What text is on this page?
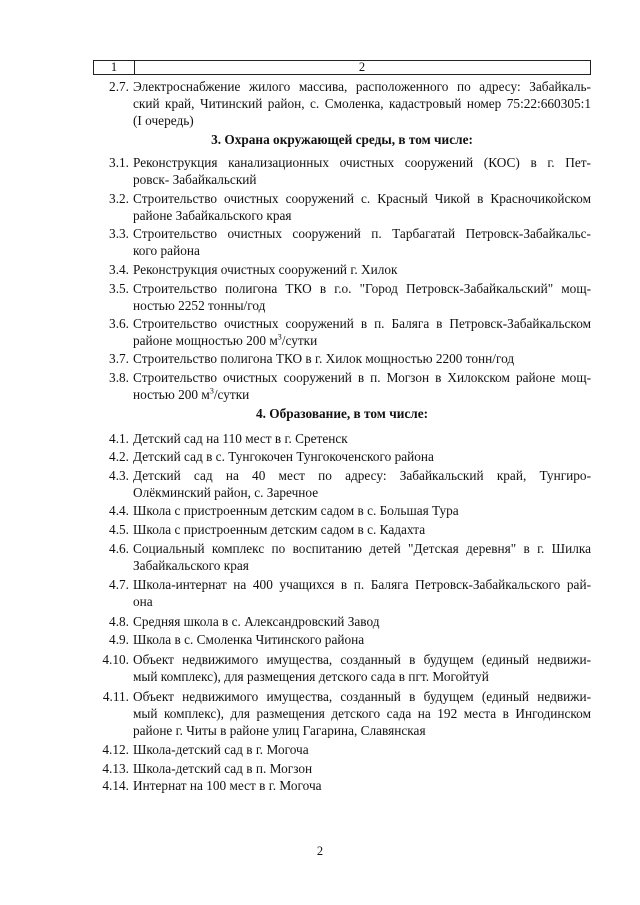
1	2
3. Охрана окружающей среды, в том числе:
4. Образование, в том числе:
2.7. Электроснабжение жилого массива, расположенного по адресу: Забайкаль-
ский край, Читинский район, с. Смоленка, кадастровый номер 75:22:660305:1
(I очередь)
3.1. Реконструкция канализационных очистных сооружений (КОС) в г. Пет-
ровск- Забайкальский
3.2. Строительство очистных сооружений с. Красный Чикой в Красночикойском
районе Забайкальского края
3.3. Строительство очистных сооружений п. Тарбагатай Петровск-Забайкальс-
кого района
3.4. Реконструкция очистных сооружений г. Хилок
3.5. Строительство полигона ТКО в г.о. "Город Петровск-Забайкальский" мощ-
ностью 2252 тонны/год
3.6. Строительство очистных сооружений в п. Баляга в Петровск-Забайкальском
районе мощностью 200 $м^3$/сутки
3.7. Строительство полигона ТКО в г. Хилок мощностью 2200 тонн/год
3.8. Строительство очистных сооружений в п. Могзон в Хилокском районе мощ-
ностью 200 $м^3$/сутки
4.1. Детский сад на 110 мест в г. Сретенск
4.2. Детский сад в с. Тунгокочен Тунгокоченского района
4.3. Детский сад на 40 мест по адресу: Забайкальский край, Тунгиро-
Олёкминский район, с. Заречное
4.4. Школа с пристроенным детским садом в с. Большая Тура
4.5. Школа с пристроенным детским садом в с. Кадахта
4.6. Социальный комплекс по воспитанию детей "Детская деревня" в г. Шилка
Забайкальского края
4.7. Школа-интернат на 400 учащихся в п. Баляга Петровск-Забайкальского рай-
она
4.8. Средняя школа в с. Александровский Завод
4.9. Школа в с. Смоленка Читинского района
4.10. Объект недвижимого имущества, созданный в будущем (единый недвижи-
мый комплекс), для размещения детского сада в пгт. Могойтуй
4.11. Объект недвижимого имущества, созданный в будущем (единый недвижи-
мый комплекс), для размещения детского сада на 192 места в Ингодинском
районе г. Читы в районе улиц Гагарина, Славянская
4.12. Школа-детский сад в г. Могоча
4.13. Школа-детский сад в п. Могзон
4.14. Интернат на 100 мест в г. Могоча
2
